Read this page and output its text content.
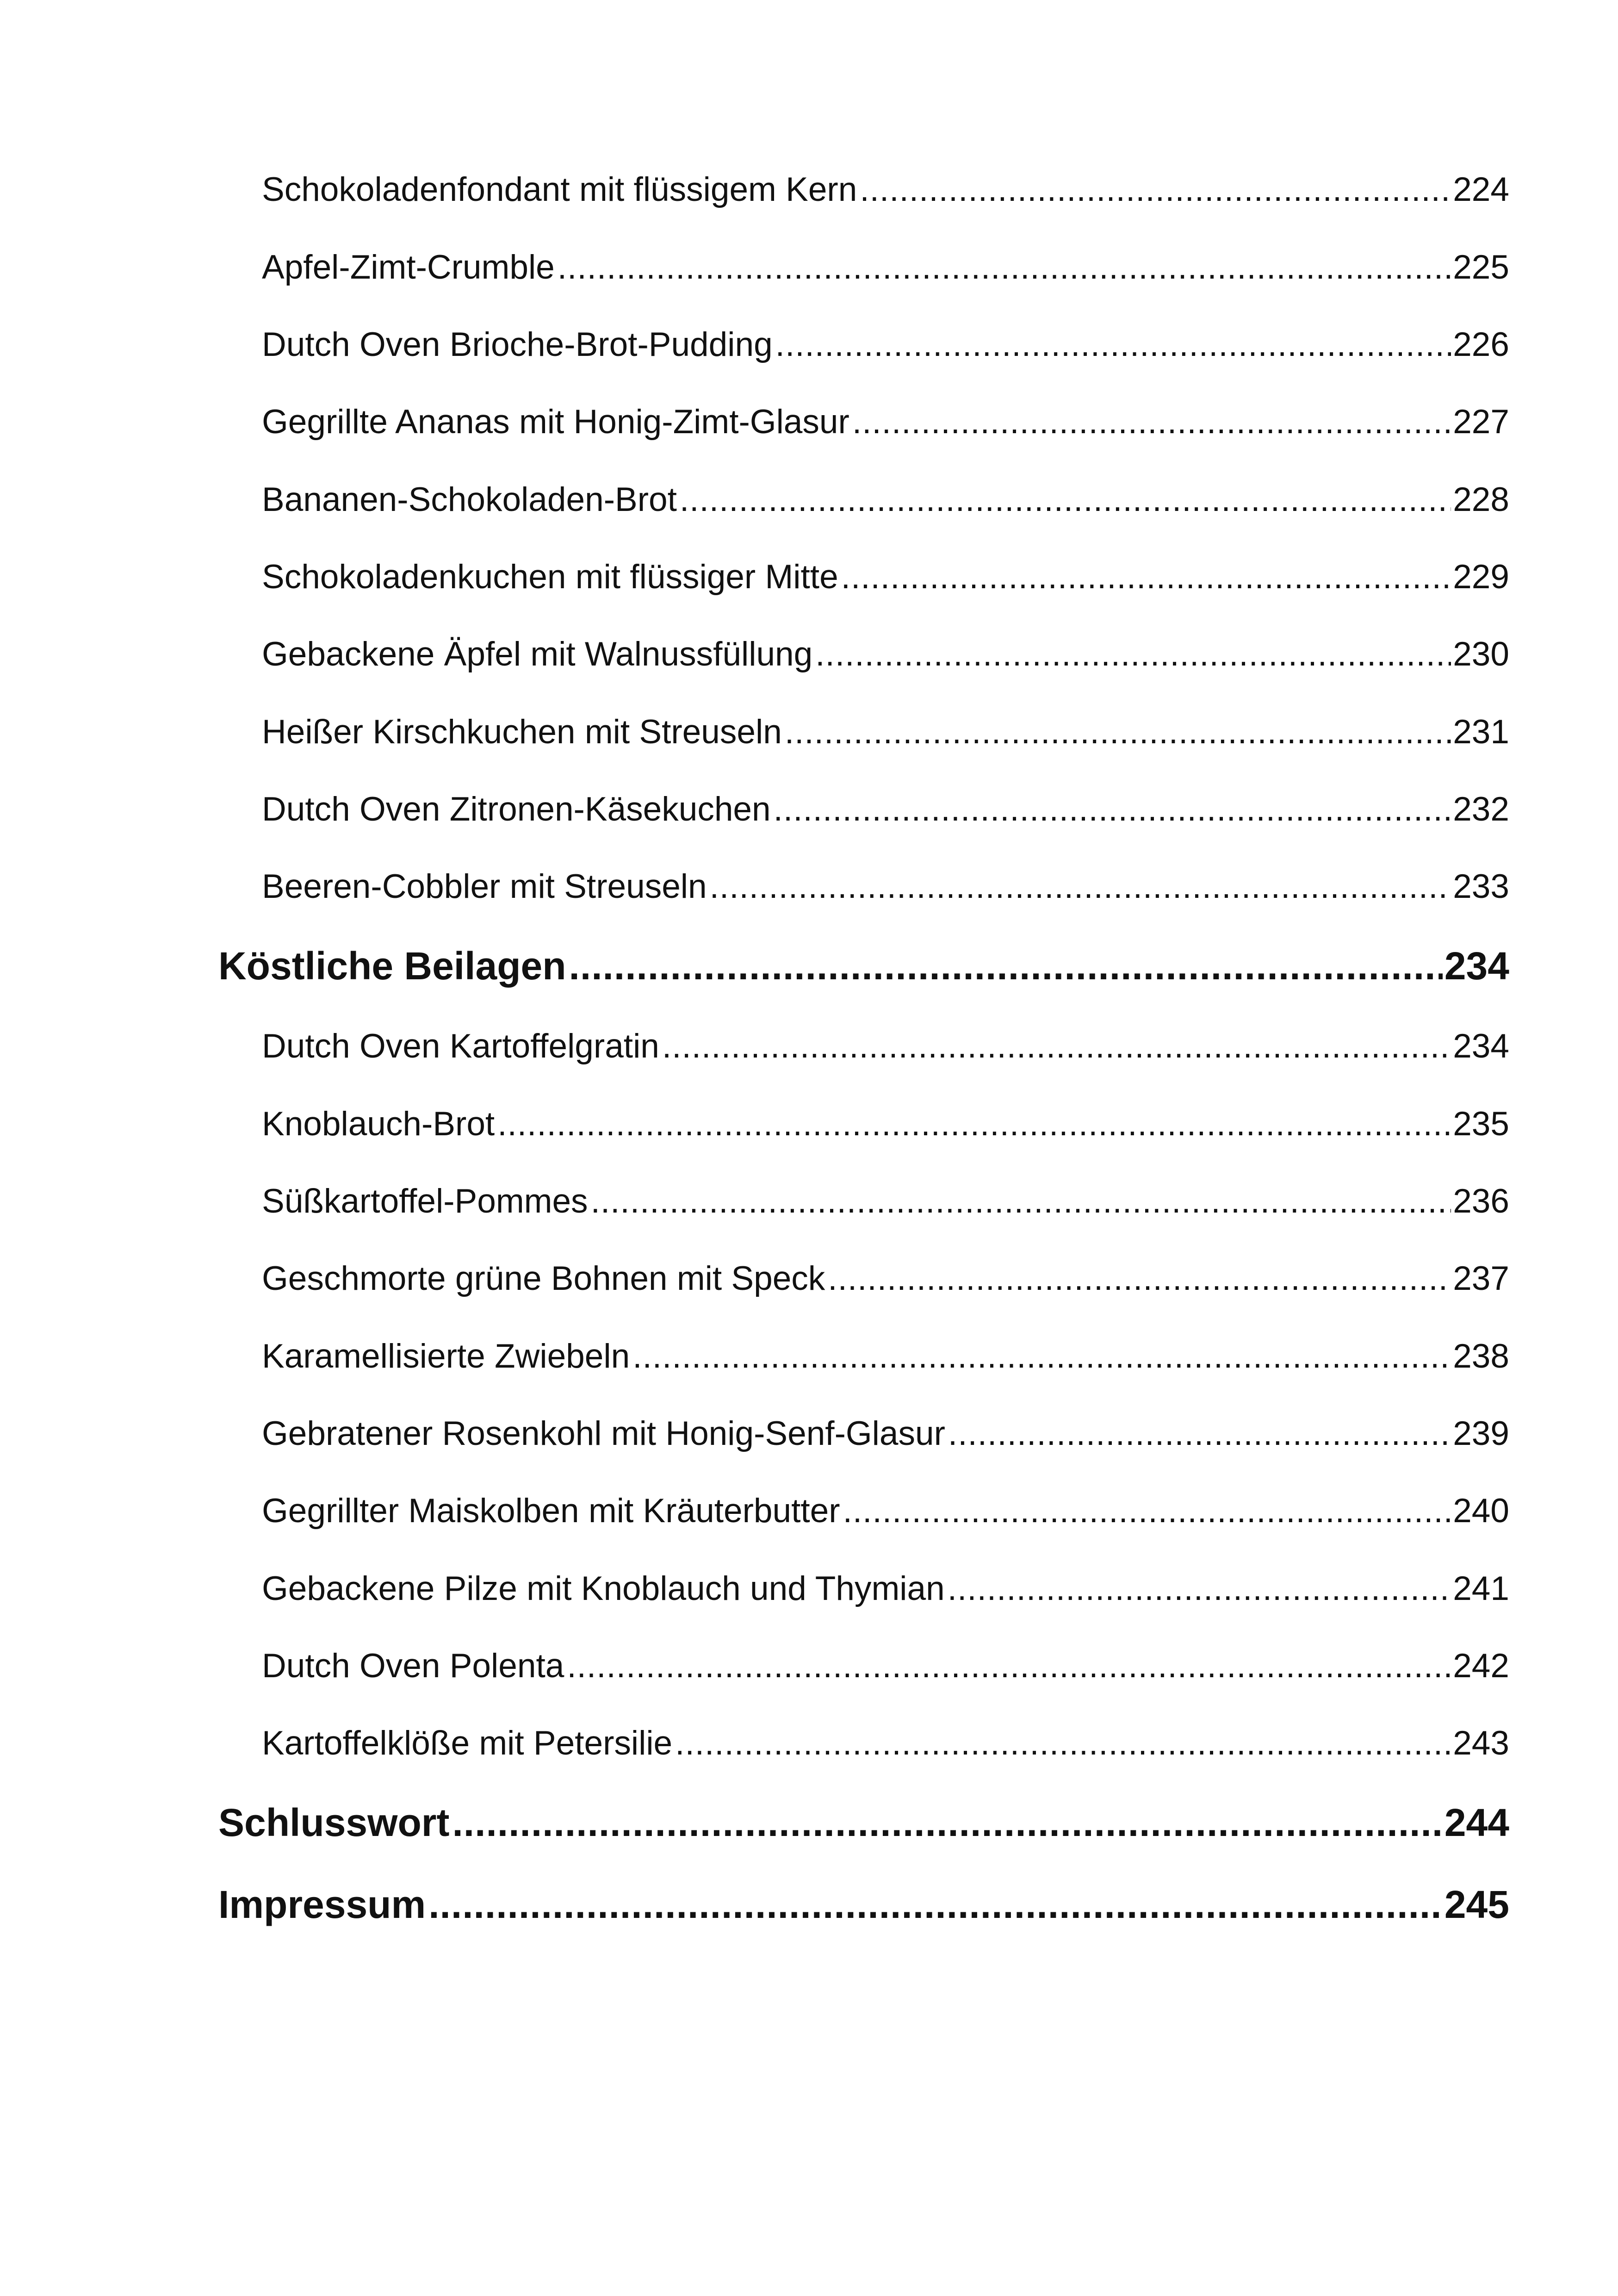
Schokoladenfondant mit flüssigem Kern .....	224
Apfel-Zimt-Crumble .....	225
Dutch Oven Brioche-Brot-Pudding .....	226
Gegrillte Ananas mit Honig-Zimt-Glasur .....	227
Bananen-Schokoladen-Brot .....	228
Schokoladenkuchen mit flüssiger Mitte .....	229
Gebackene Äpfel mit Walnussfüllung .....	230
Heißer Kirschkuchen mit Streuseln .....	231
Dutch Oven Zitronen-Käsekuchen .....	232
Beeren-Cobbler mit Streuseln .....	233
Köstliche Beilagen .....	234
Dutch Oven Kartoffelgratin .....	234
Knoblauch-Brot .....	235
Süßkartoffel-Pommes .....	236
Geschmorte grüne Bohnen mit Speck .....	237
Karamellisierte Zwiebeln .....	238
Gebratener Rosenkohl mit Honig-Senf-Glasur .....	239
Gegrillter Maiskolben mit Kräuterbutter .....	240
Gebackene Pilze mit Knoblauch und Thymian .....	241
Dutch Oven Polenta .....	242
Kartoffelklöße mit Petersilie .....	243
Schlusswort .....	244
Impressum .....	245
